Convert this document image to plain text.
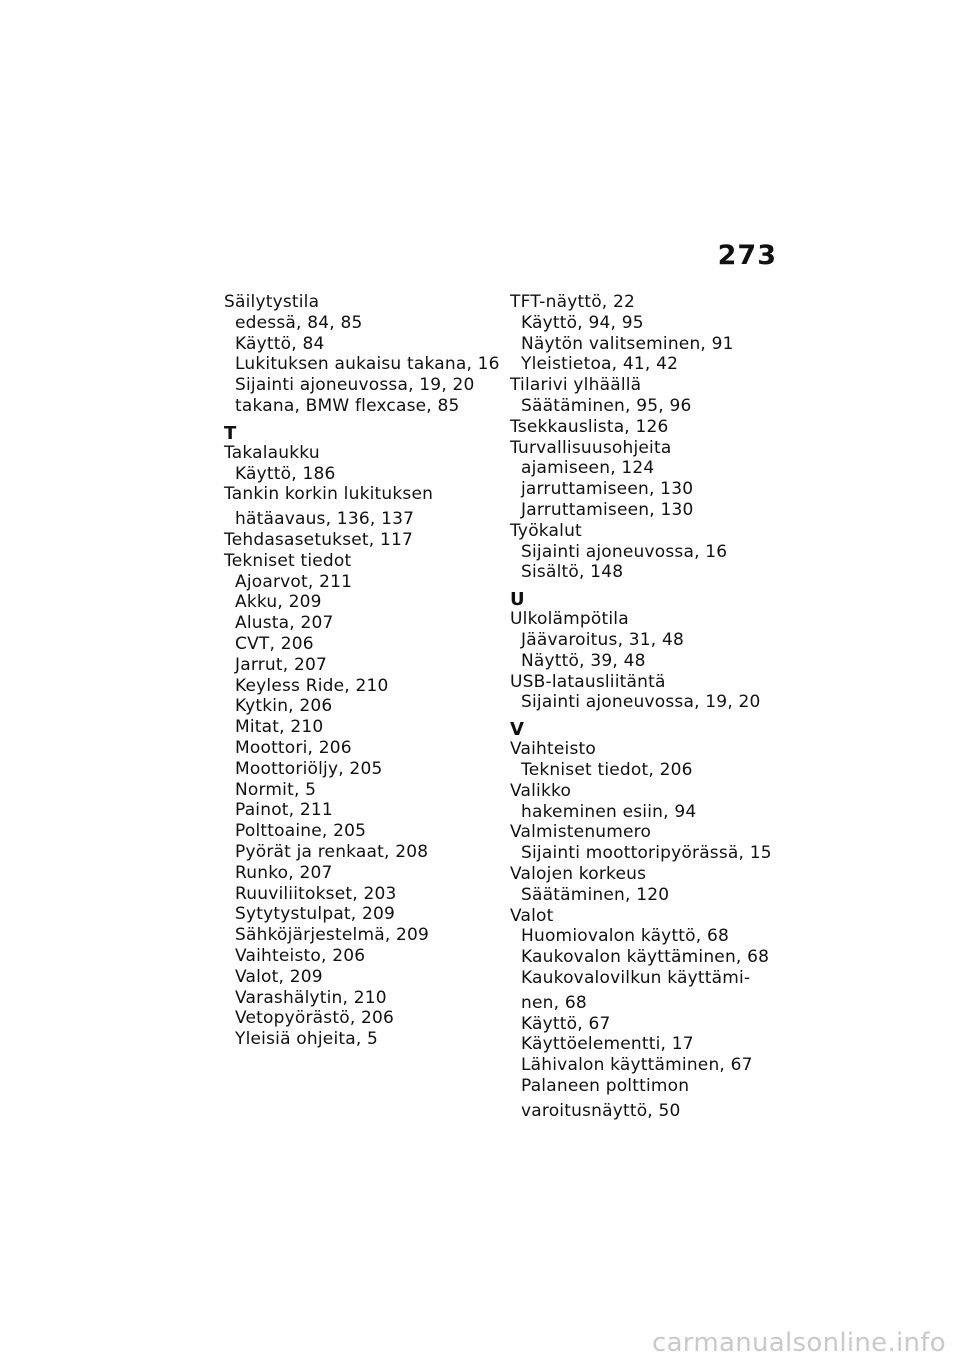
273
Säilytystila
edessä, 84, 85
Käyttö, 84
Lukituksen aukaisu takana, 16
Sijainti ajoneuvossa, 19, 20
takana, BMW flexcase, 85
T
Takalaukku
Käyttö, 186
Tankin korkin lukituksen
hätäavaus, 136, 137
Tehdasasetukset, 117
Tekniset tiedot
Ajoarvot, 211
Akku, 209
Alusta, 207
CVT, 206
Jarrut, 207
Keyless Ride, 210
Kytkin, 206
Mitat, 210
Moottori, 206
Moottoriöljy, 205
Normit, 5
Painot, 211
Polttoaine, 205
Pyörät ja renkaat, 208
Runko, 207
Ruuviliitokset, 203
Sytytystulpat, 209
Sähköjärjestelmä, 209
Vaihteisto, 206
Valot, 209
Varashälytin, 210
Vetopyörästö, 206
Yleisiä ohjeita, 5
TFT-näyttö, 22
Käyttö, 94, 95
Näytön valitseminen, 91
Yleistietoa, 41, 42
Tilarivi ylhäällä
Säätäminen, 95, 96
Tsekkauslista, 126
Turvallisuusohjeita
ajamiseen, 124
jarruttamiseen, 130
Jarruttamiseen, 130
Työkalut
Sijainti ajoneuvossa, 16
Sisältö, 148
U
Ulkolämpötila
Jäävaroitus, 31, 48
Näyttö, 39, 48
USB-latausliitäntä
Sijainti ajoneuvossa, 19, 20
V
Vaihteisto
Tekniset tiedot, 206
Valikko
hakeminen esiin, 94
Valmistenumero
Sijainti moottoripyörässä, 15
Valojen korkeus
Säätäminen, 120
Valot
Huomiovalon käyttö, 68
Kaukovalon käyttäminen, 68
Kaukovalovilkun käyttämi-
nen, 68
Käyttö, 67
Käyttöelementti, 17
Lähivalon käyttäminen, 67
Palaneen polttimon
varoitusnäyttö, 50
carmanualsonline.info
